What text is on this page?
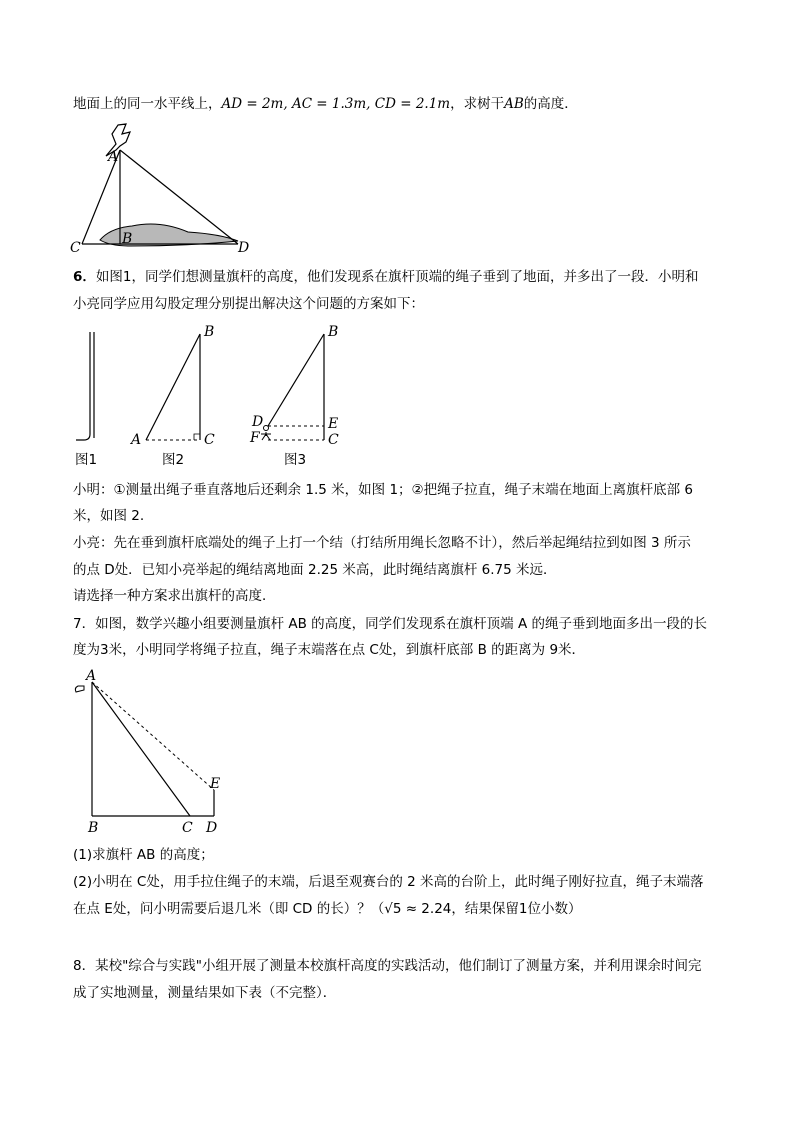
地面上的同一水平线上，AD = 2m, AC = 1.3m, CD = 2.1m，求树干AB的高度．
A
B
C	D
6．如图1，同学们想测量旗杆的高度，他们发现系在旗杆顶端的绳子垂到了地面，并多出了一段．小明和
小亮同学应用勾股定理分别提出解决这个问题的方案如下：
A
B
C
B
D	E
F	C
图1	图2	图3
小明：①测量出绳子垂直落地后还剩余 1.5 米，如图 1；②把绳子拉直，绳子末端在地面上离旗杆底部 6
米，如图 2.
小亮：先在垂到旗杆底端处的绳子上打一个结（打结所用绳长忽略不计），然后举起绳结拉到如图 3 所示
的点 D处．已知小亮举起的绳结离地面 2.25 米高，此时绳结离旗杆 6.75 米远．
请选择一种方案求出旗杆的高度．
7．如图，数学兴趣小组要测量旗杆 AB 的高度，同学们发现系在旗杆顶端 A 的绳子垂到地面多出一段的长
度为3米，小明同学将绳子拉直，绳子末端落在点 C处，到旗杆底部 B 的距离为 9米．
A
E
B	C D
(1)求旗杆 AB 的高度；
(2)小明在 C处，用手拉住绳子的末端，后退至观赛台的 2 米高的台阶上，此时绳子刚好拉直，绳子末端落
在点 E处，问小明需要后退几米（即 CD 的长）？（√5 ≈ 2.24，结果保留1位小数）
8．某校"综合与实践"小组开展了测量本校旗杆高度的实践活动，他们制订了测量方案，并利用课余时间完
成了实地测量，测量结果如下表（不完整）．
